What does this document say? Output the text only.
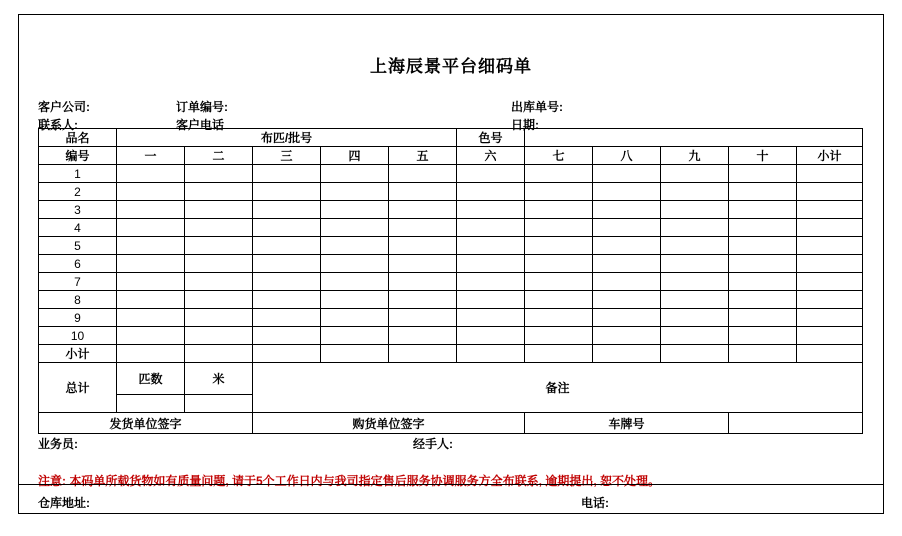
上海辰景平台细码单
客户公司:	订单编号:	出库单号:
联系人:	客户电话	日期:
品名	布匹/批号					色号					
编号	一	二	三	四	五	六	七	八	九	十	小计
1											
2											
3											
4											
5											
6											
7											
8											
9											
10											
小计											
总计	匹数	米	备注								

发货单位签字			购货单位签字				车牌号				
业务员:	经手人:
注意: 本码单所载货物如有质量问题, 请于5个工作日内与我司指定售后服务协调服务方全布联系, 逾期提出, 恕不处理。
仓库地址:	电话:
